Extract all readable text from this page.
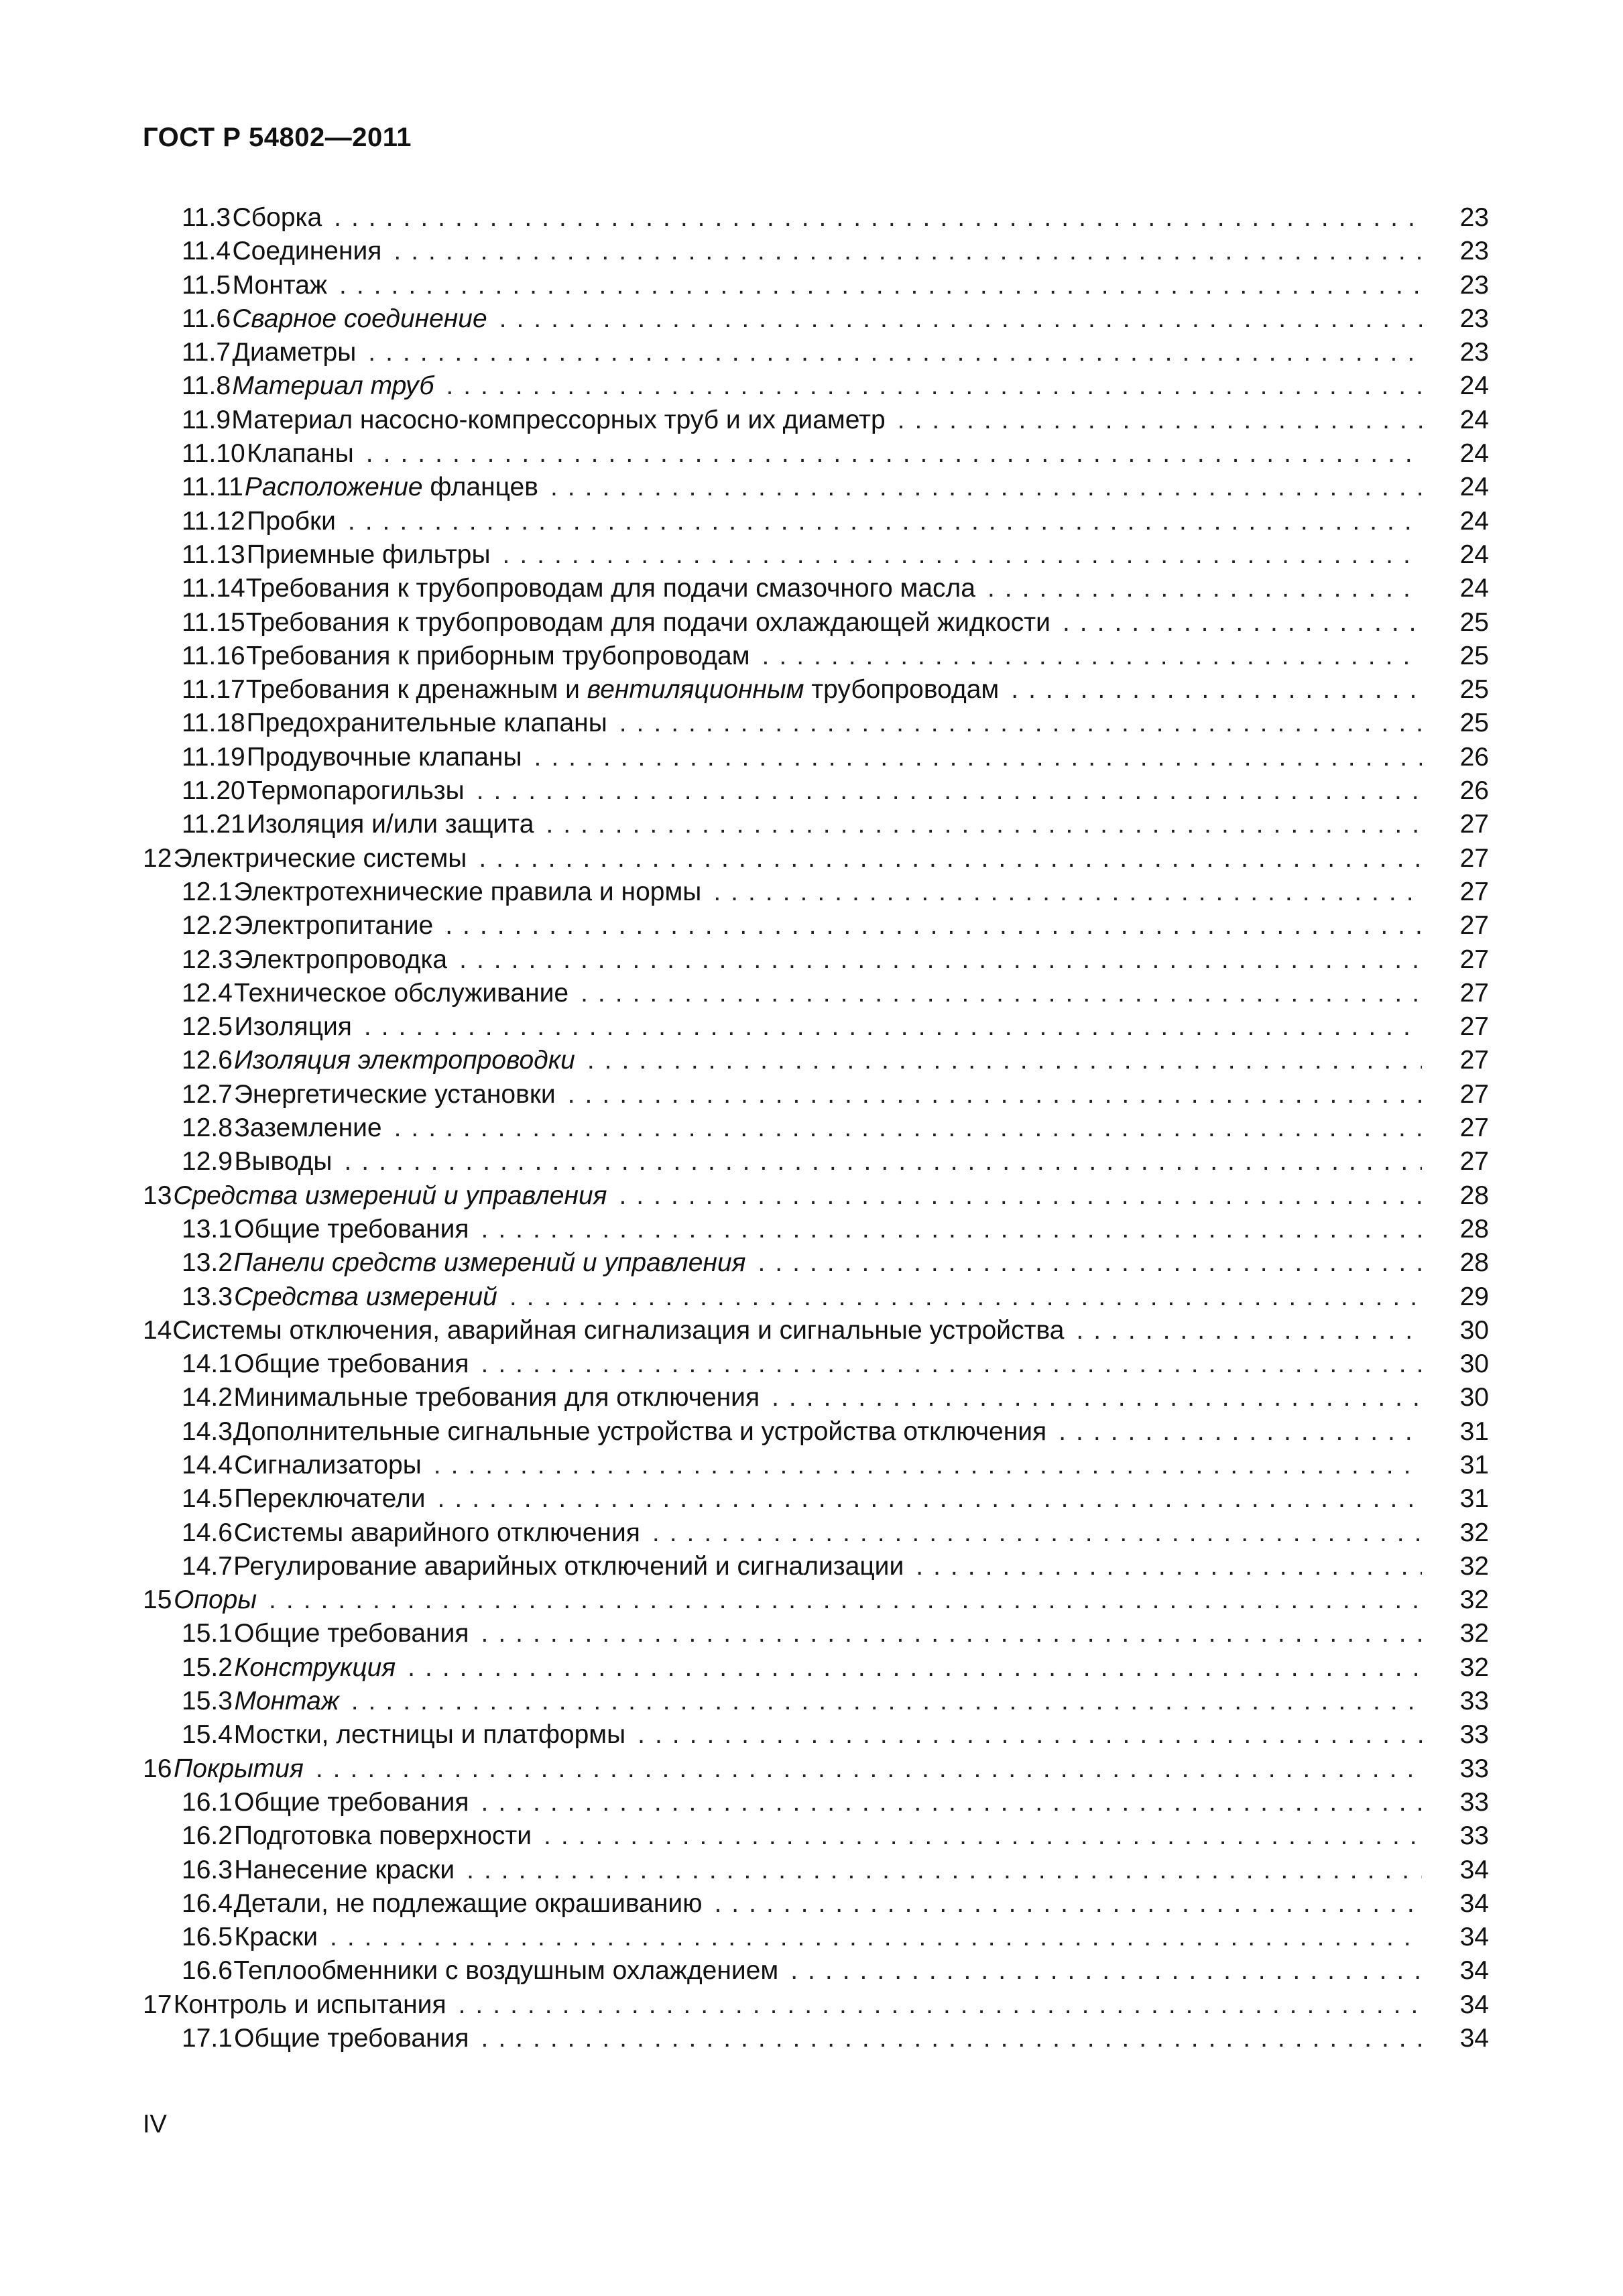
ГОСТ Р 54802—2011
11.3 Сборка .....	23
11.4 Соединения .....	23
11.5 Монтаж .....	23
11.6 Сварное соединение .....	23
11.7 Диаметры .....	23
11.8 Материал труб .....	24
11.9 Материал насосно-компрессорных труб и их диаметр .....	24
11.10 Клапаны .....	24
11.11 Расположение фланцев .....	24
11.12 Пробки .....	24
11.13 Приемные фильтры .....	24
11.14 Требования к трубопроводам для подачи смазочного масла .....	24
11.15 Требования к трубопроводам для подачи охлаждающей жидкости .....	25
11.16 Требования к приборным трубопроводам .....	25
11.17 Требования к дренажным и вентиляционным трубопроводам .....	25
11.18 Предохранительные клапаны .....	25
11.19 Продувочные клапаны .....	26
11.20 Термопарогильзы .....	26
11.21 Изоляция и/или защита .....	27
12 Электрические системы .....	27
12.1 Электротехнические правила и нормы .....	27
12.2 Электропитание .....	27
12.3 Электропроводка .....	27
12.4 Техническое обслуживание .....	27
12.5 Изоляция .....	27
12.6 Изоляция электропроводки .....	27
12.7 Энергетические установки .....	27
12.8 Заземление .....	27
12.9 Выводы .....	27
13 Средства измерений и управления .....	28
13.1 Общие требования .....	28
13.2 Панели средств измерений и управления .....	28
13.3 Средства измерений .....	29
14 Системы отключения, аварийная сигнализация и сигнальные устройства .....	30
14.1 Общие требования .....	30
14.2 Минимальные требования для отключения .....	30
14.3 Дополнительные сигнальные устройства и устройства отключения .....	31
14.4 Сигнализаторы .....	31
14.5 Переключатели .....	31
14.6 Системы аварийного отключения .....	32
14.7 Регулирование аварийных отключений и сигнализации .....	32
15 Опоры .....	32
15.1 Общие требования .....	32
15.2 Конструкция .....	32
15.3 Монтаж .....	33
15.4 Мостки, лестницы и платформы .....	33
16 Покрытия .....	33
16.1 Общие требования .....	33
16.2 Подготовка поверхности .....	33
16.3 Нанесение краски .....	34
16.4 Детали, не подлежащие окрашиванию .....	34
16.5 Краски .....	34
16.6 Теплообменники с воздушным охлаждением .....	34
17 Контроль и испытания .....	34
17.1 Общие требования .....	34
IV
